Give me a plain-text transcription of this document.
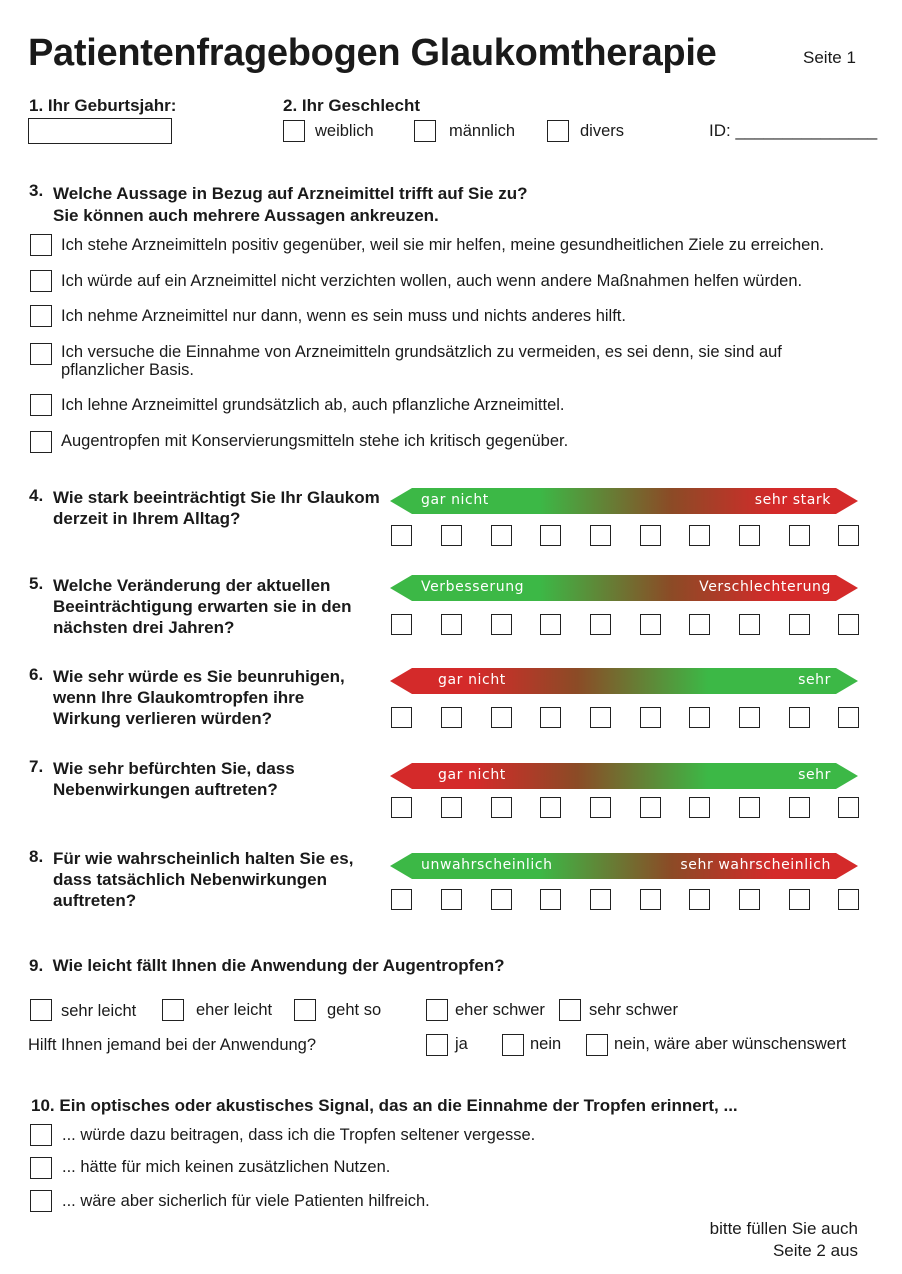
Patientenfragebogen Glaukomtherapie	Seite 1
1. Ihr Geburtsjahr:	2. Ihr Geschlecht
weiblich	männlich	divers	ID: _______________
3. Welche Aussage in Bezug auf Arzneimittel trifft auf Sie zu?
Sie können auch mehrere Aussagen ankreuzen.
Ich stehe Arzneimitteln positiv gegenüber, weil sie mir helfen, meine gesundheitlichen Ziele zu erreichen.
Ich würde auf ein Arzneimittel nicht verzichten wollen, auch wenn andere Maßnahmen helfen würden.
Ich nehme Arzneimittel nur dann, wenn es sein muss und nichts anderes hilft.
Ich versuche die Einnahme von Arzneimitteln grundsätzlich zu vermeiden, es sei denn, sie sind auf
pflanzlicher Basis.
Ich lehne Arzneimittel grundsätzlich ab, auch pflanzliche Arzneimittel.
Augentropfen mit Konservierungsmitteln stehe ich kritisch gegenüber.
4. Wie stark beeinträchtigt Sie Ihr Glaukom
derzeit in Ihrem Alltag?
gar nicht	sehr stark
5. Welche Veränderung der aktuellen
Beeinträchtigung erwarten sie in den
nächsten drei Jahren?
Verbesserung	Verschlechterung
6. Wie sehr würde es Sie beunruhigen,
wenn Ihre Glaukomtropfen ihre
Wirkung verlieren würden?
gar nicht	sehr
7. Wie sehr befürchten Sie, dass
Nebenwirkungen auftreten?
gar nicht	sehr
8. Für wie wahrscheinlich halten Sie es,
dass tatsächlich Nebenwirkungen
auftreten?
unwahrscheinlich	sehr wahrscheinlich
9.  Wie leicht fällt Ihnen die Anwendung der Augentropfen?
sehr leicht	eher leicht	geht so	eher schwer	sehr schwer
Hilft Ihnen jemand bei der Anwendung?	ja	nein	nein, wäre aber wünschenswert
10. Ein optisches oder akustisches Signal, das an die Einnahme der Tropfen erinnert, ...
... würde dazu beitragen, dass ich die Tropfen seltener vergesse.
... hätte für mich keinen zusätzlichen Nutzen.
... wäre aber sicherlich für viele Patienten hilfreich.
bitte füllen Sie auch
Seite 2 aus
